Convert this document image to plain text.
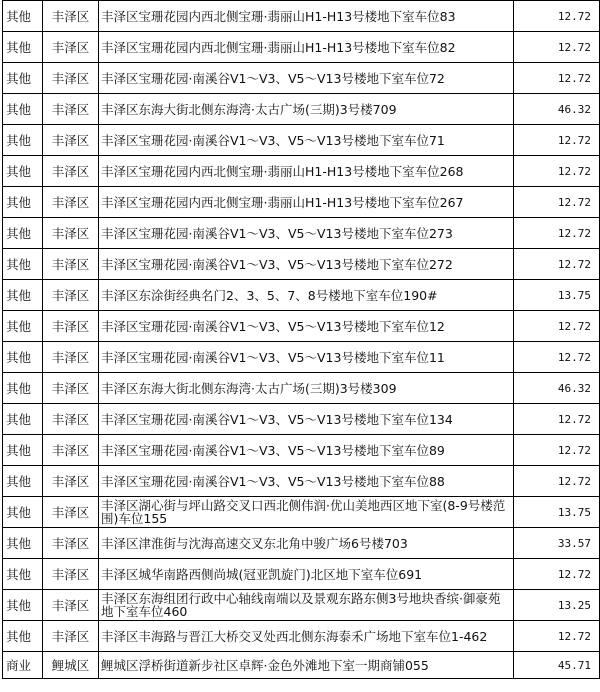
其他	丰泽区	丰泽区宝珊花园内西北侧宝珊·翡丽山H1-H13号楼地下室车位83	12.72
其他	丰泽区	丰泽区宝珊花园内西北侧宝珊·翡丽山H1-H13号楼地下室车位82	12.72
其他	丰泽区	丰泽区宝珊花园·南溪谷V1～V3、V5～V13号楼地下室车位72	12.72
其他	丰泽区	丰泽区东海大街北侧东海湾·太古广场(三期)3号楼709	46.32
其他	丰泽区	丰泽区宝珊花园·南溪谷V1～V3、V5～V13号楼地下室车位71	12.72
其他	丰泽区	丰泽区宝珊花园内西北侧宝珊·翡丽山H1-H13号楼地下室车位268	12.72
其他	丰泽区	丰泽区宝珊花园内西北侧宝珊·翡丽山H1-H13号楼地下室车位267	12.72
其他	丰泽区	丰泽区宝珊花园·南溪谷V1～V3、V5～V13号楼地下室车位273	12.72
其他	丰泽区	丰泽区宝珊花园·南溪谷V1～V3、V5～V13号楼地下室车位272	12.72
其他	丰泽区	丰泽区东涂街经典名门2、3、5、7、8号楼地下室车位190#	13.75
其他	丰泽区	丰泽区宝珊花园·南溪谷V1～V3、V5～V13号楼地下室车位12	12.72
其他	丰泽区	丰泽区宝珊花园·南溪谷V1～V3、V5～V13号楼地下室车位11	12.72
其他	丰泽区	丰泽区东海大街北侧东海湾·太古广场(三期)3号楼309	46.32
其他	丰泽区	丰泽区宝珊花园·南溪谷V1～V3、V5～V13号楼地下室车位134	12.72
其他	丰泽区	丰泽区宝珊花园·南溪谷V1～V3、V5～V13号楼地下室车位89	12.72
其他	丰泽区	丰泽区宝珊花园·南溪谷V1～V3、V5～V13号楼地下室车位88	12.72
其他	丰泽区	丰泽区湖心街与坪山路交叉口西北侧伟润·优山美地西区地下室(8-9号楼范围)车位155	13.75
其他	丰泽区	丰泽区津淮街与沈海高速交叉东北角中骏广场6号楼703	33.57
其他	丰泽区	丰泽区城华南路西侧尚城(冠亚凯旋门)北区地下室车位691	12.72
其他	丰泽区	丰泽区东海组团行政中心轴线南端以及景观东路东侧3号地块香缤·御豪苑地下室车位460	13.25
其他	丰泽区	丰泽区丰海路与晋江大桥交叉处西北侧东海泰禾广场地下室车位1-462	12.72
商业	鲤城区	鲤城区浮桥街道新步社区卓辉·金色外滩地下室一期商铺055	45.71
